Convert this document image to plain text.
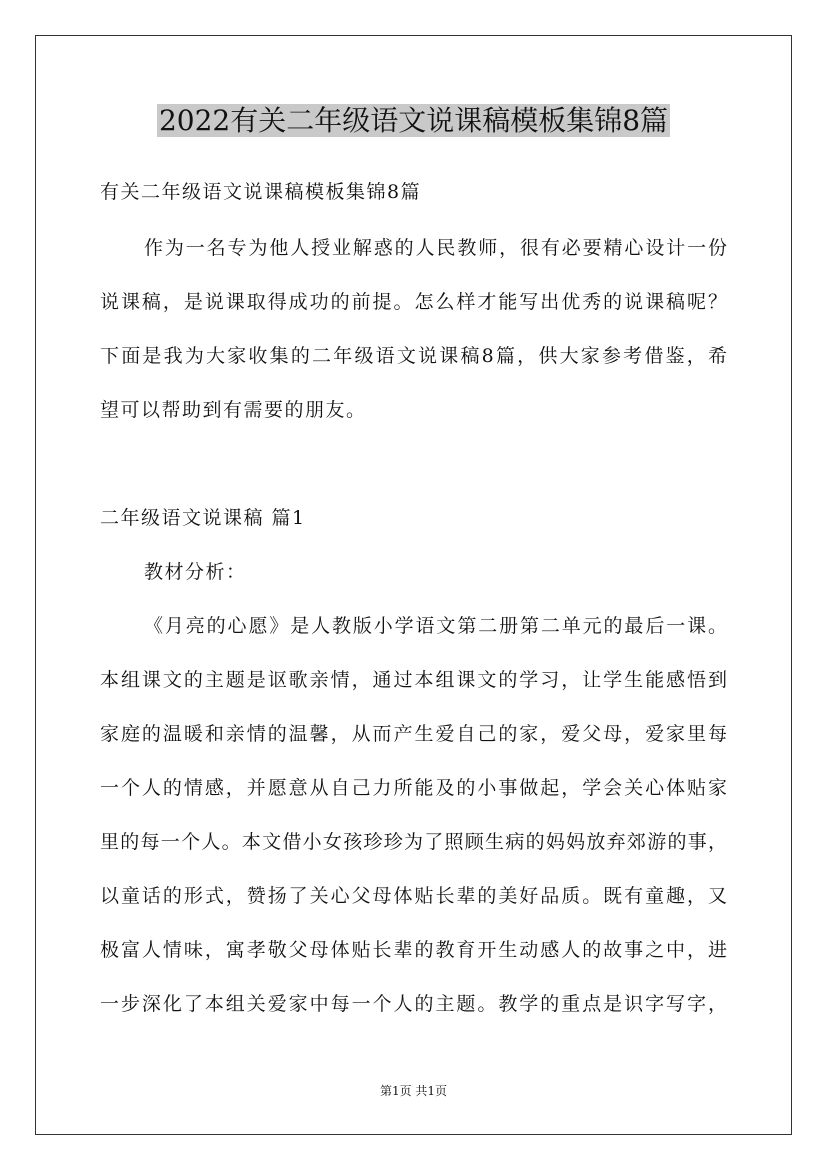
2022有关二年级语文说课稿模板集锦8篇

有关二年级语文说课稿模板集锦8篇

作为一名专为他人授业解惑的人民教师，很有必要精心设计一份

说课稿，是说课取得成功的前提。怎么样才能写出优秀的说课稿呢？

下面是我为大家收集的二年级语文说课稿8篇，供大家参考借鉴，希

望可以帮助到有需要的朋友。

二年级语文说课稿 篇1

教材分析：

《月亮的心愿》是人教版小学语文第二册第二单元的最后一课。

本组课文的主题是讴歌亲情，通过本组课文的学习，让学生能感悟到

家庭的温暖和亲情的温馨，从而产生爱自己的家，爱父母，爱家里每

一个人的情感，并愿意从自己力所能及的小事做起，学会关心体贴家

里的每一个人。本文借小女孩珍珍为了照顾生病的妈妈放弃郊游的事，

以童话的形式，赞扬了关心父母体贴长辈的美好品质。既有童趣，又

极富人情味，寓孝敬父母体贴长辈的教育开生动感人的故事之中，进

一步深化了本组关爱家中每一个人的主题。教学的重点是识字写字，

第1页 共1页
